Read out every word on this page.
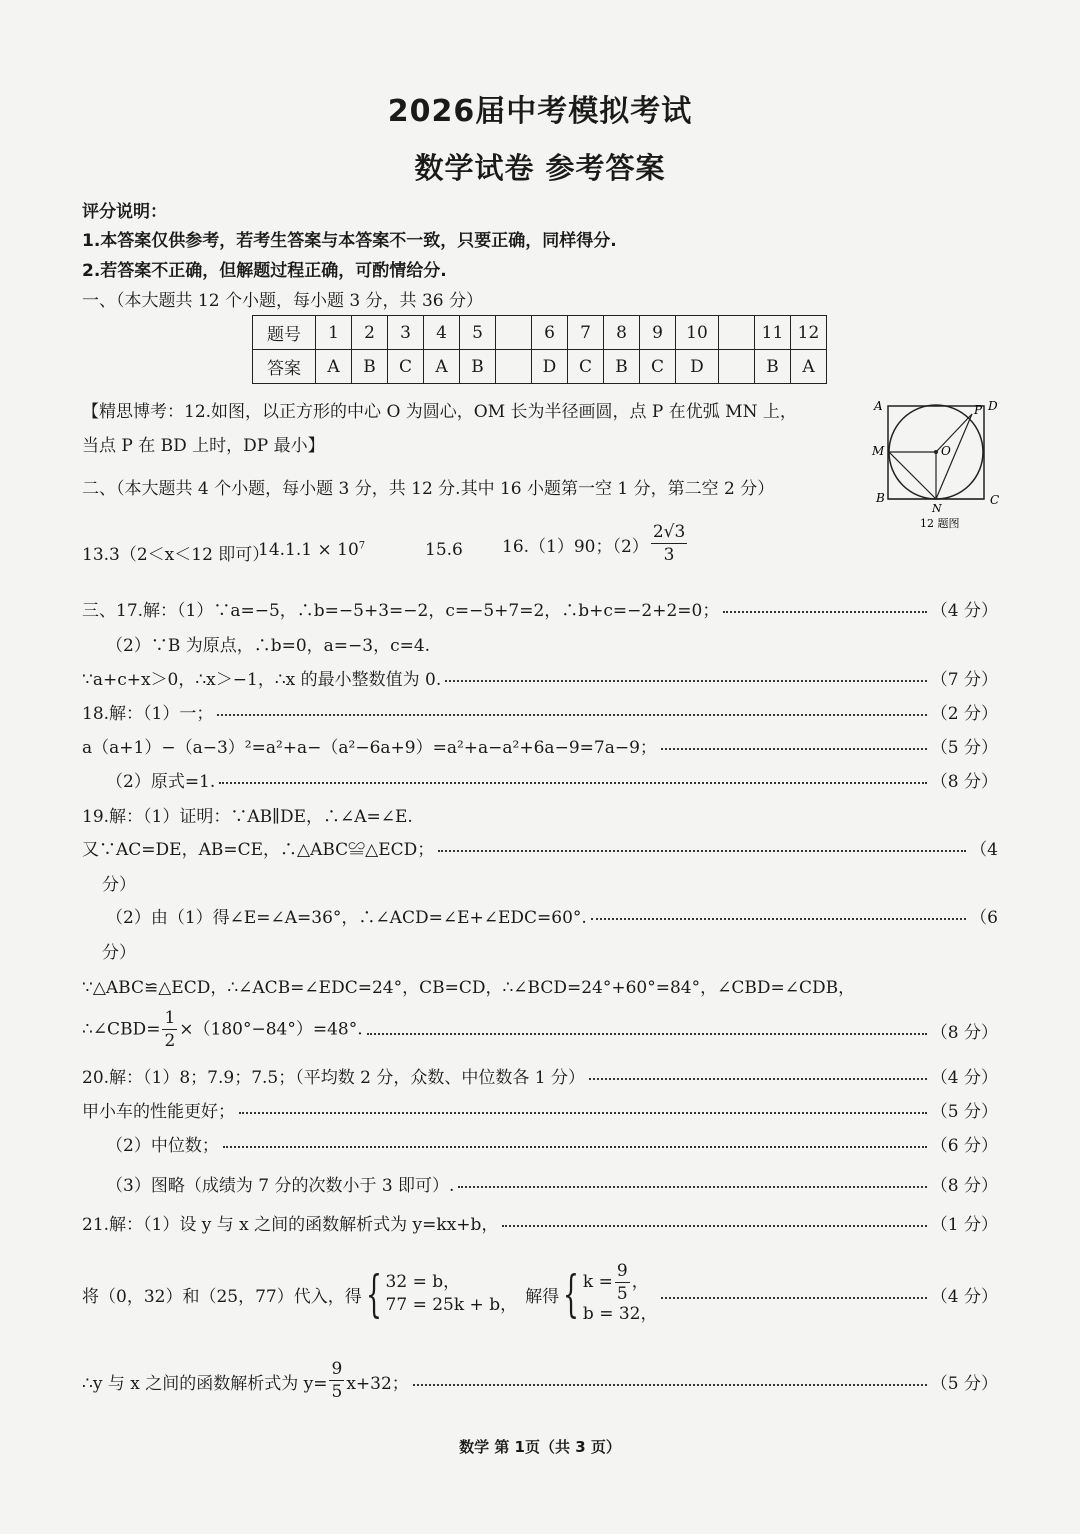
2026届中考模拟考试
数学试卷 参考答案
评分说明：
1.本答案仅供参考，若考生答案与本答案不一致，只要正确，同样得分.
2.若答案不正确，但解题过程正确，可酌情给分.
一、（本大题共 12 个小题，每小题 3 分，共 36 分）
题号	1	2	3	4	5		6	7	8	9	10		11	12
答案	A	B	C	A	B		D	C	B	C	D		B	A
【精思博考：12.如图，以正方形的中心 O 为圆心，OM 长为半径画圆，点 P 在优弧 MN 上，
当点 P 在 BD 上时，DP 最小】
A	D
M	O
P
B	C
N
12 题图
二、（本大题共 4 个小题，每小题 3 分，共 12 分.其中 16 小题第一空 1 分，第二空 2 分）
13.3（2＜x＜12 即可）
$14.1.1 \times 10^7$	15.6 16.（1）90；$(2) \frac{2√3}{3}$
三、17.解：（1）∵a=−5，∴b=−5+3=−2，c=−5+7=2，∴b+c=−2+2=0；	（4 分）
（2）∵B 为原点，∴b=0，a=−3，c=4.
∵a+c+x＞0，∴x＞−1，∴x 的最小整数值为 0.	（7 分）
18.解：（1）一；	（2 分）
a（a+1）−（a−3）²=a²+a−（a²−6a+9）=a²+a−a²+6a−9=7a−9；	（5 分）
（2）原式=1.	（8 分）
19.解：（1）证明：∵AB∥DE，∴∠A=∠E.
又∵AC=DE，AB=CE，∴△ABC≌△ECD；	（4
分）
（2）由（1）得∠E=∠A=36°，∴∠ACD=∠E+∠EDC=60°.	（6
分）
∵△ABC≌△ECD，∴∠ACB=∠EDC=24°，CB=CD，∴∠BCD=24°+60°=84°，∠CBD=∠CDB，
∴∠CBD= $\frac{1}{2} \times(180^\circ-84^\circ)=48^\circ$.	（8 分）
20.解：（1）8；7.9；7.5；（平均数 2 分，众数、中位数各 1 分）	（4 分）
甲小车的性能更好；	（5 分）
（2）中位数；	（6 分）
（3）图略（成绩为 7 分的次数小于 3 即可）.	（8 分）
21.解：（1）设 y 与 x 之间的函数解析式为 y=kx+b，	（1 分）
将（0，32）和（25，77）代入，得 { 32 = b，
77 = 25k + b， 解得 { $k = \frac{9}{5}$ ，
b = 32，
（4 分）
∴y 与 x 之间的函数解析式为 $y= \frac{9}{5} x+32$；	（5 分）
数学 第 1页（共 3 页）
